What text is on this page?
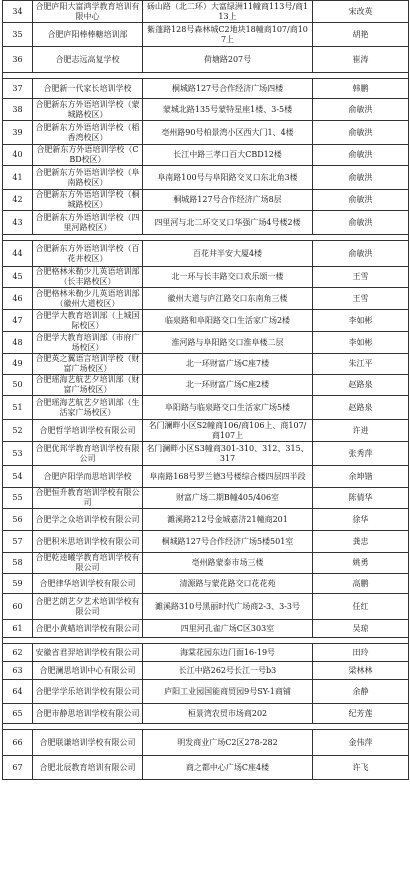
34	合肥庐阳大富鸿学教育培训有限中心	砀山路（北二环）大富绿洲11幢商113号/商113上	宋改英
35	合肥庐阳棒棒糖培训部	紫蓬路128号森林城C2地块18幢商107/商107上	胡艳
36	合肥志远高复学校	荷塘路207号	崔涛

37	合肥新一代家长培训学校	桐城路127号合作经济广场四楼	韩鹏
38	合肥新东方外语培训学校（蒙城路校区）	蒙城北路135号蒙特星座1楼、3-5楼	俞敏洪
39	合肥新东方外语培训学校（稻香湾校区）	亳州路90号柏景湾小区西大门1、4楼	俞敏洪
40	合肥新东方外语培训学校（CBD校区）	长江中路三孝口百大CBD12楼	俞敏洪
41	合肥新东方外语培训学校（阜南路校区）	阜南路100号与阜阳路交叉口东北角3楼	俞敏洪
42	合肥新东方外语培训学校（桐城路校区）	桐城路127号合作经济广场8层	俞敏洪
43	合肥新东方外语培训学校（四里河路校区）	四里河与北二环交叉口华强广场4号楼2楼	俞敏洪

44	合肥新东方外语培训学校（百花井校区）	百花井半安大厦4楼	俞敏洪
45	合肥格林米勒少儿英语培训部（长丰路校区）	北一环与长丰路交口欢乐颂一楼	王雪
46	合肥格林米勒少儿英语培训部（徽州大道校区）	徽州大道与庐江路交口东南角三楼	王雪
47	合肥学大教育培训部（上城国际校区）	临泉路和阜阳路交口生活家广场2楼	李如彬
48	合肥学大教育培训部（市府广场校区）	淮河路与阜阳路交口淮阜楼二层	李如彬
49	合肥英之翼语言培训学校（财富广场校区）	北一环财富广场C座7楼	朱江平
50	合肥瑶海艺航艺夕培训部（财富广场校区）	北一环财富广场C座2楼	赵路泉
51	合肥瑶海艺航艺夕培训部（生活家广场校区）	阜阳路与临泉路交口生活家广场5楼	赵路泉
52	合肥哲学培训学校有限公司	名门澜畔小区S2幢商106/商106上、商107/商107上	许进
53	合肥优邦学教育培训学校有限公司	名门澜畔小区S3幢商301-310、312、315、317	张秀萍
54	合肥庐阳学而思培训学校	阜南路168号罗兰德3号楼综合楼四层四半段	余坤锴
55	合肥恒升教育培训学校有限公司	财富广场二期B幢405/406室	陈倩华
56	合肥学之众培训学校有限公司	濉溪路212号金城嘉济21幢商201	徐华
57	合肥积米思培训学校有限公司	桐城路127号合作经济广场5楼501室	龚忠
58	合肥乾逵曦学教育培训学校有限公司	亳州路蒙泰市场三楼	姚勇
59	合肥律华培训学校有限公司	清源路与蒙花路交口花花苑	高鹏
60	合肥艺朗艺夕艺术培训学校有限公司	濉溪路310号黑丽时代广场商2-3、3-3号	任红
61	合肥小黄蜡培训学校有限公司	四里河孔雀广场C区303室	吴琼

62	安徽省君羿培训学校有限公司	海棠花园东边门面16-19号	田玲
63	合肥澜思培训中心有限公司	长江中路262号长江一号b3	梁林林
64	合肥学学乐培训学校有限公司	庐阳工业园国能商贸园9号SY-1商铺	余静
65	合肥市静思培训学校有限公司	桓景湾农贸市场商202	纪芳莲

66	合肥联谦培训学校有限公司	明发商业广场C2区278-282	金伟萍
67	合肥北辰教育培训有限公司	商之都中心广场C座4楼	许飞
